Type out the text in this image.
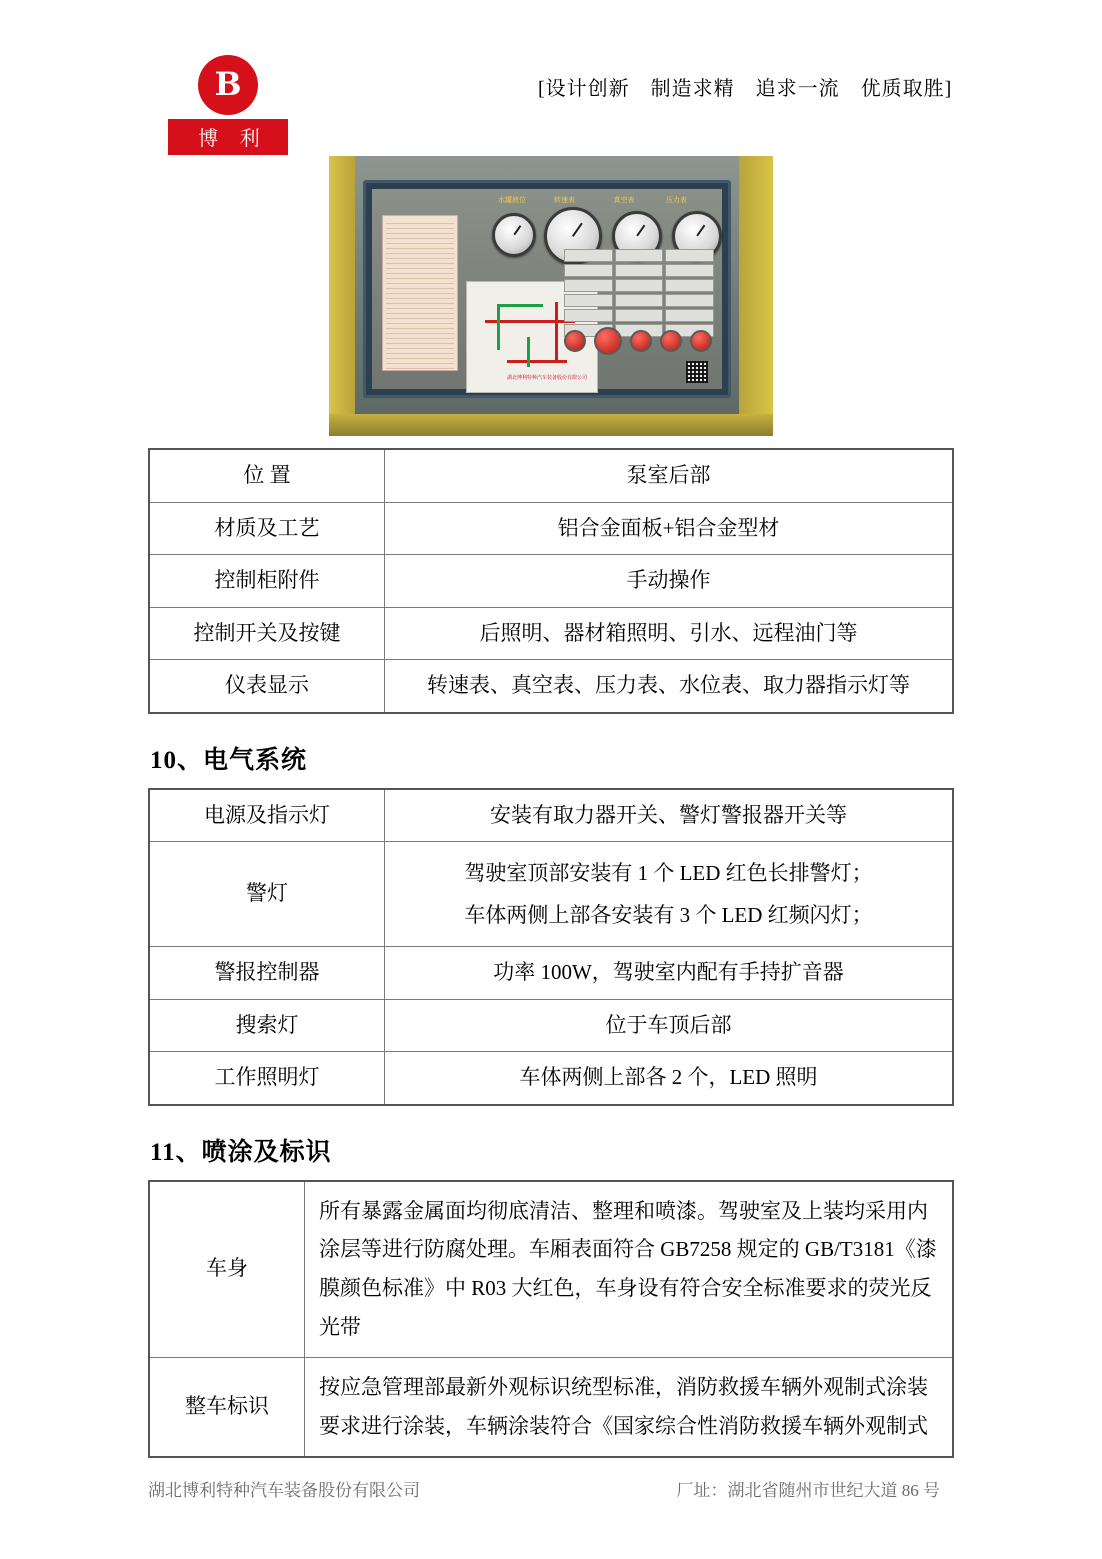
B
博 利
[设计创新　制造求精　追求一流　优质取胜]
水罐液位	转速表	真空表	压力表
湖北博利特种汽车装备股份有限公司
位 置	泵室后部
材质及工艺	铝合金面板+铝合金型材
控制柜附件	手动操作
控制开关及按键	后照明、器材箱照明、引水、远程油门等
仪表显示	转速表、真空表、压力表、水位表、取力器指示灯等
10、电气系统
电源及指示灯	安装有取力器开关、警灯警报器开关等
警灯	驾驶室顶部安装有 1 个 LED 红色长排警灯；
车体两侧上部各安装有 3 个 LED 红频闪灯；

警报控制器	功率 100W，驾驶室内配有手持扩音器
搜索灯	位于车顶后部
工作照明灯	车体两侧上部各 2 个，LED 照明
11、喷涂及标识
车身	所有暴露金属面均彻底清洁、整理和喷漆。驾驶室及上装均采用内涂层等进行防腐处理。车厢表面符合 GB7258 规定的 GB/T3181《漆膜颜色标准》中 R03 大红色，车身设有符合安全标准要求的荧光反光带
整车标识	按应急管理部最新外观标识统型标准，消防救援车辆外观制式涂装要求进行涂装，车辆涂装符合《国家综合性消防救援车辆外观制式
湖北博利特种汽车装备股份有限公司	厂址：湖北省随州市世纪大道 86 号
